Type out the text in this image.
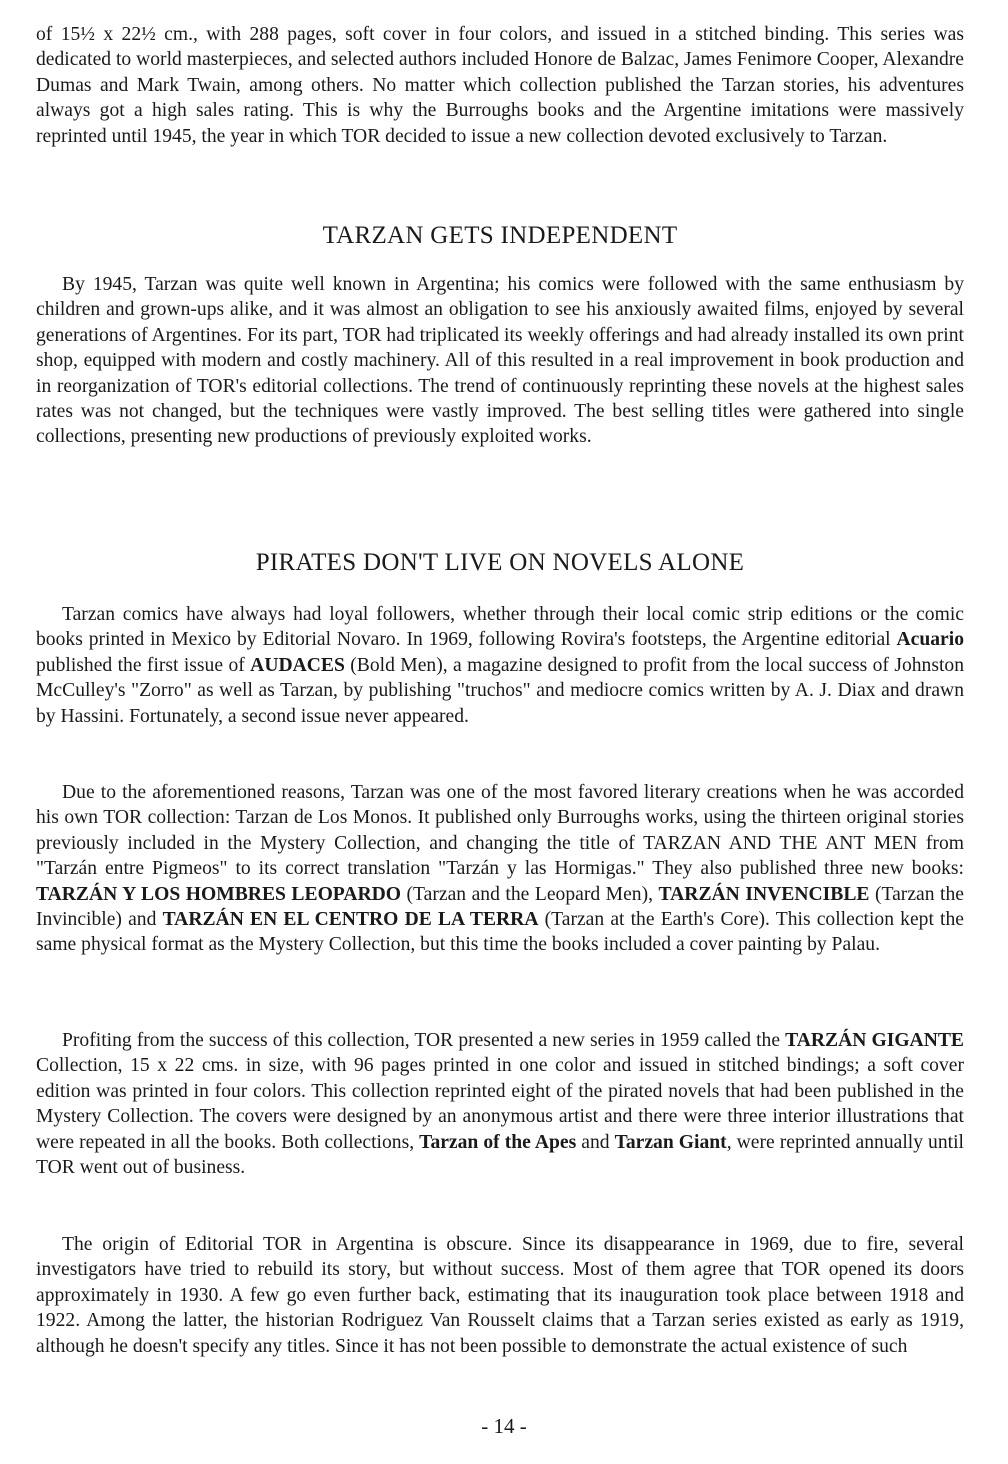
of 15½ x 22½ cm., with 288 pages, soft cover in four colors, and issued in a stitched binding. This series was dedicated to world masterpieces, and selected authors included Honore de Balzac, James Fenimore Cooper, Alexandre Dumas and Mark Twain, among others. No matter which collection published the Tarzan stories, his adventures always got a high sales rating. This is why the Burroughs books and the Argentine imitations were massively reprinted until 1945, the year in which TOR decided to issue a new collection devoted exclusively to Tarzan.

TARZAN GETS INDEPENDENT

By 1945, Tarzan was quite well known in Argentina; his comics were followed with the same enthusiasm by children and grown-ups alike, and it was almost an obligation to see his anxiously awaited films, enjoyed by several generations of Argentines. For its part, TOR had triplicated its weekly offerings and had already installed its own print shop, equipped with modern and costly machinery. All of this resulted in a real improvement in book production and in reorganization of TOR's editorial collections. The trend of continuously reprinting these novels at the highest sales rates was not changed, but the techniques were vastly improved. The best selling titles were gathered into single collections, presenting new productions of previously exploited works.

PIRATES DON'T LIVE ON NOVELS ALONE

Tarzan comics have always had loyal followers, whether through their local comic strip editions or the comic books printed in Mexico by Editorial Novaro. In 1969, following Rovira's footsteps, the Argentine editorial Acuario published the first issue of AUDACES (Bold Men), a magazine designed to profit from the local success of Johnston McCulley's "Zorro" as well as Tarzan, by publishing "truchos" and mediocre comics written by A. J. Diax and drawn by Hassini. Fortunately, a second issue never appeared.

Due to the aforementioned reasons, Tarzan was one of the most favored literary creations when he was accorded his own TOR collection: Tarzan de Los Monos. It published only Burroughs works, using the thirteen original stories previously included in the Mystery Collection, and changing the title of TARZAN AND THE ANT MEN from "Tarzán entre Pigmeos" to its correct translation "Tarzán y las Hormigas." They also published three new books: TARZÁN Y LOS HOMBRES LEOPARDO (Tarzan and the Leopard Men), TARZÁN INVENCIBLE (Tarzan the Invincible) and TARZÁN EN EL CENTRO DE LA TERRA (Tarzan at the Earth's Core). This collection kept the same physical format as the Mystery Collection, but this time the books included a cover painting by Palau.

Profiting from the success of this collection, TOR presented a new series in 1959 called the TARZÁN GIGANTE Collection, 15 x 22 cms. in size, with 96 pages printed in one color and issued in stitched bindings; a soft cover edition was printed in four colors. This collection reprinted eight of the pirated novels that had been published in the Mystery Collection. The covers were designed by an anonymous artist and there were three interior illustrations that were repeated in all the books. Both collections, Tarzan of the Apes and Tarzan Giant, were reprinted annually until TOR went out of business.

The origin of Editorial TOR in Argentina is obscure. Since its disappearance in 1969, due to fire, several investigators have tried to rebuild its story, but without success. Most of them agree that TOR opened its doors approximately in 1930. A few go even further back, estimating that its inauguration took place between 1918 and 1922. Among the latter, the historian Rodriguez Van Rousselt claims that a Tarzan series existed as early as 1919, although he doesn't specify any titles. Since it has not been possible to demonstrate the actual existence of such

- 14 -
